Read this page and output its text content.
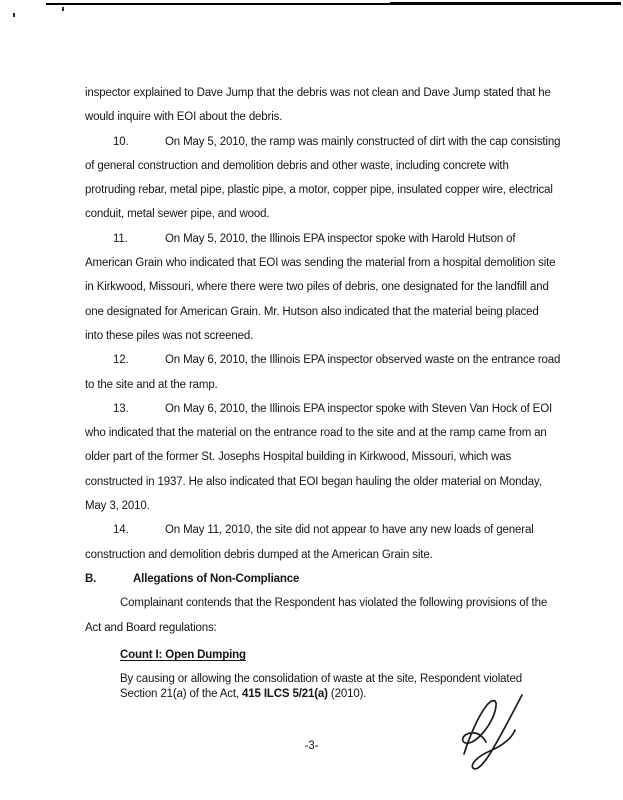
inspector explained to Dave Jump that the debris was not clean and Dave Jump stated that he
would inquire with EOI about the debris.
10.	On May 5, 2010, the ramp was mainly constructed of dirt with the cap consisting
of general construction and demolition debris and other waste, including concrete with
protruding rebar, metal pipe, plastic pipe, a motor, copper pipe, insulated copper wire, electrical
conduit, metal sewer pipe, and wood.
11.	On May 5, 2010, the Illinois EPA inspector spoke with Harold Hutson of
American Grain who indicated that EOI was sending the material from a hospital demolition site
in Kirkwood, Missouri, where there were two piles of debris, one designated for the landfill and
one designated for American Grain. Mr. Hutson also indicated that the material being placed
into these piles was not screened.
12.	On May 6, 2010, the Illinois EPA inspector observed waste on the entrance road
to the site and at the ramp.
13.	On May 6, 2010, the Illinois EPA inspector spoke with Steven Van Hock of EOI
who indicated that the material on the entrance road to the site and at the ramp came from an
older part of the former St. Josephs Hospital building in Kirkwood, Missouri, which was
constructed in 1937. He also indicated that EOI began hauling the older material on Monday,
May 3, 2010.
14.	On May 11, 2010, the site did not appear to have any new loads of general
construction and demolition debris dumped at the American Grain site.
B.	Allegations of Non-Compliance
Complainant contends that the Respondent has violated the following provisions of the
Act and Board regulations:
Count I: Open Dumping
By causing or allowing the consolidation of waste at the site, Respondent violated
Section 21(a) of the Act, 415 ILCS 5/21(a) (2010).
-3-
